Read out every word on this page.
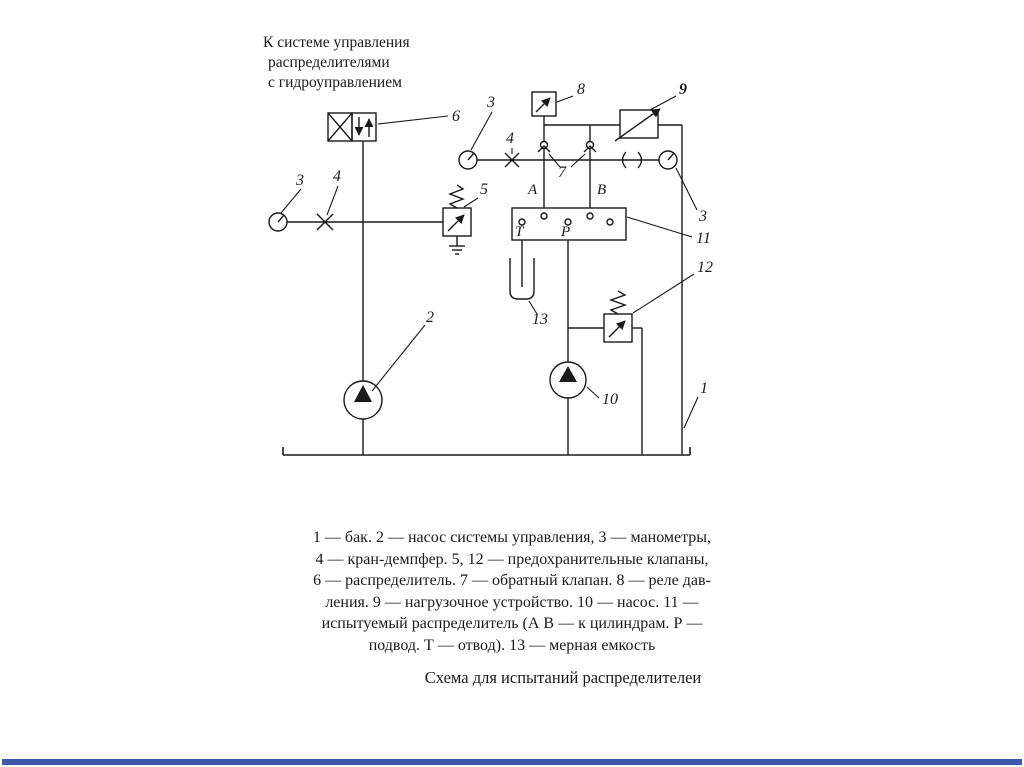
К системе управления
распределителями
с гидроуправлением
6
3 4
3
4
5
8
7
9
3
11
12
13
10
1
2
А	В
Т	Р
1 — бак. 2 — насос системы управления, 3 — манометры,
4 — кран-демпфер. 5, 12 — предохранительные клапаны,
6 — распределитель. 7 — обратный клапан. 8 — реле дав-
ления. 9 — нагрузочное устройство. 10 — насос. 11 —
испытуемый распределитель (А В — к цилиндрам. Р —
подвод. Т — отвод). 13 — мерная емкость
Схема для испытаний распределителеи
